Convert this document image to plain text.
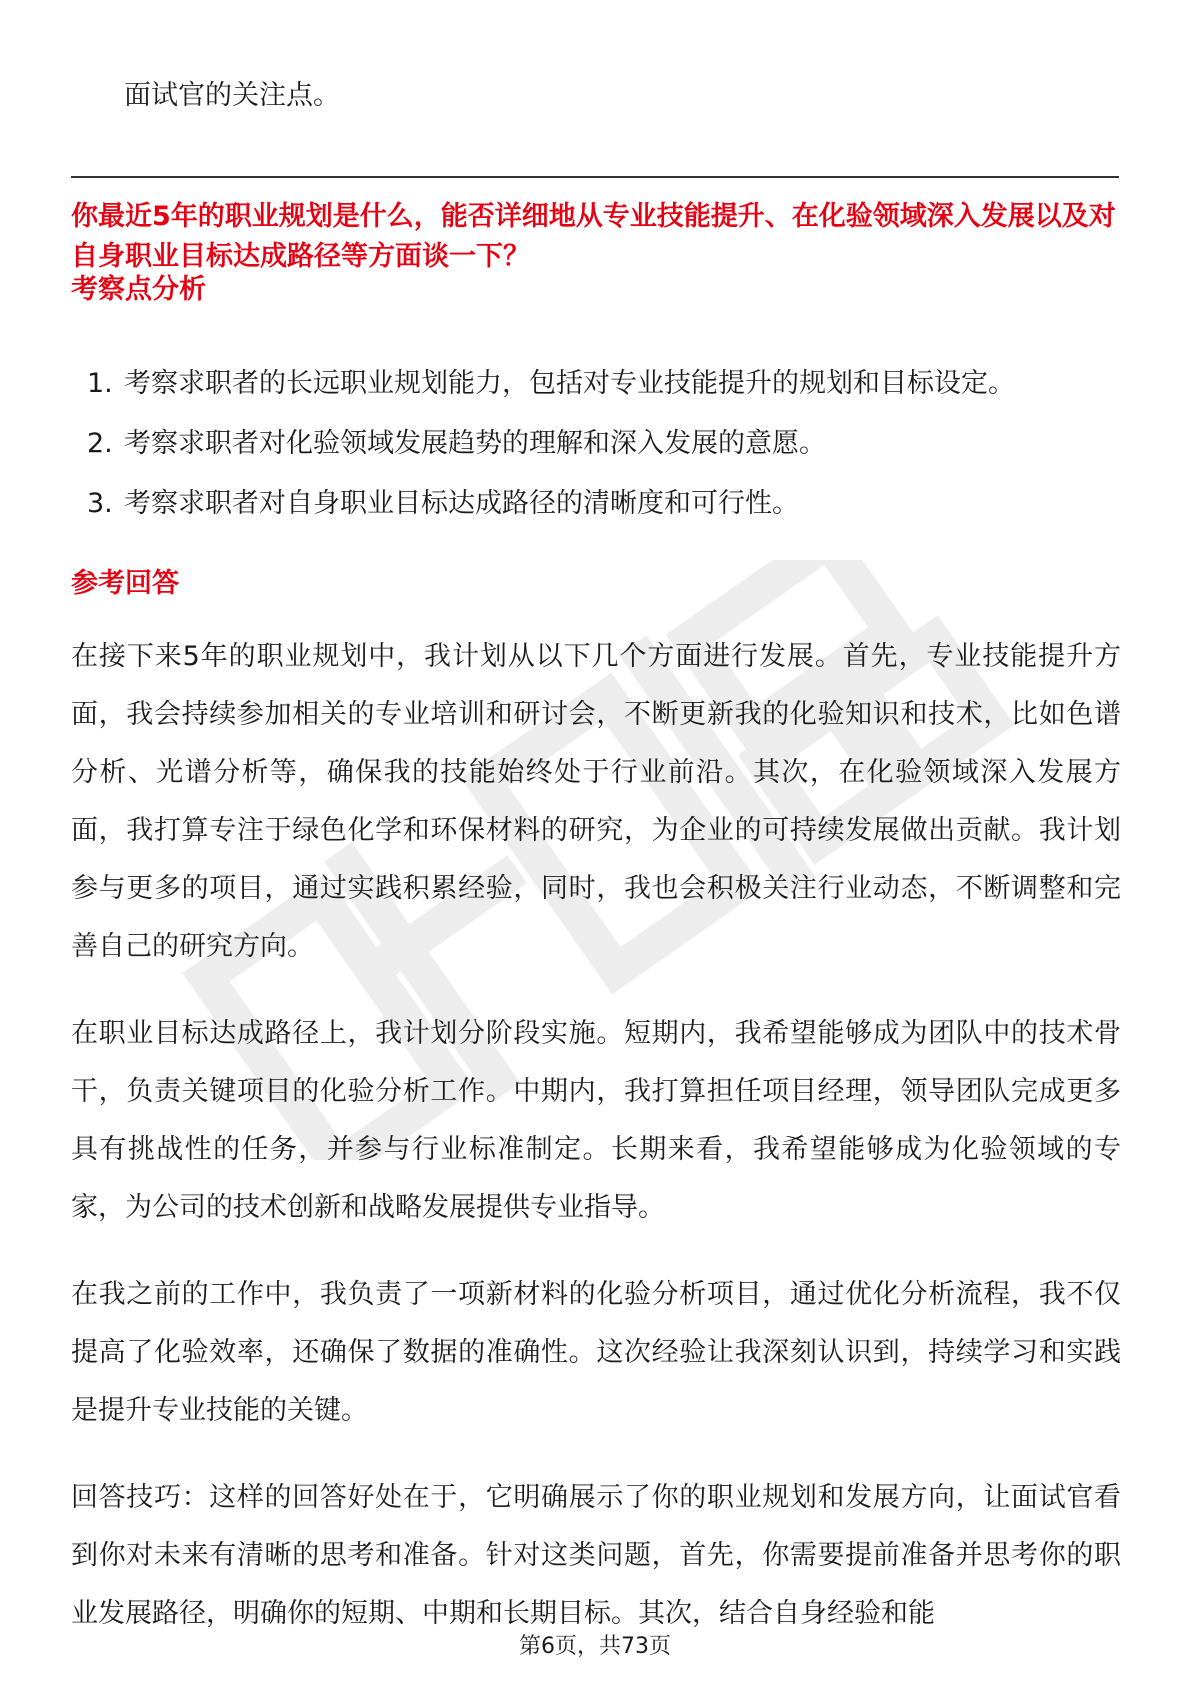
面试官的关注点。
你最近5年的职业规划是什么，能否详细地从专业技能提升、在化验领域深入发展以及对自身职业目标达成路径等方面谈一下？
考察点分析
1. 考察求职者的长远职业规划能力，包括对专业技能提升的规划和目标设定。
2. 考察求职者对化验领域发展趋势的理解和深入发展的意愿。
3. 考察求职者对自身职业目标达成路径的清晰度和可行性。
参考回答

在接下来5年的职业规划中，我计划从以下几个方面进行发展。首先，专业技能提升方面，我会持续参加相关的专业培训和研讨会，不断更新我的化验知识和技术，比如色谱分析、光谱分析等，确保我的技能始终处于行业前沿。其次，在化验领域深入发展方面，我打算专注于绿色化学和环保材料的研究，为企业的可持续发展做出贡献。我计划参与更多的项目，通过实践积累经验，同时，我也会积极关注行业动态，不断调整和完善自己的研究方向。

在职业目标达成路径上，我计划分阶段实施。短期内，我希望能够成为团队中的技术骨干，负责关键项目的化验分析工作。中期内，我打算担任项目经理，领导团队完成更多具有挑战性的任务，并参与行业标准制定。长期来看，我希望能够成为化验领域的专家，为公司的技术创新和战略发展提供专业指导。

在我之前的工作中，我负责了一项新材料的化验分析项目，通过优化分析流程，我不仅提高了化验效率，还确保了数据的准确性。这次经验让我深刻认识到，持续学习和实践是提升专业技能的关键。

回答技巧：这样的回答好处在于，它明确展示了你的职业规划和发展方向，让面试官看到你对未来有清晰的思考和准备。针对这类问题，首先，你需要提前准备并思考你的职业发展路径，明确你的短期、中期和长期目标。其次，结合自身经验和能

第6页，共73页
